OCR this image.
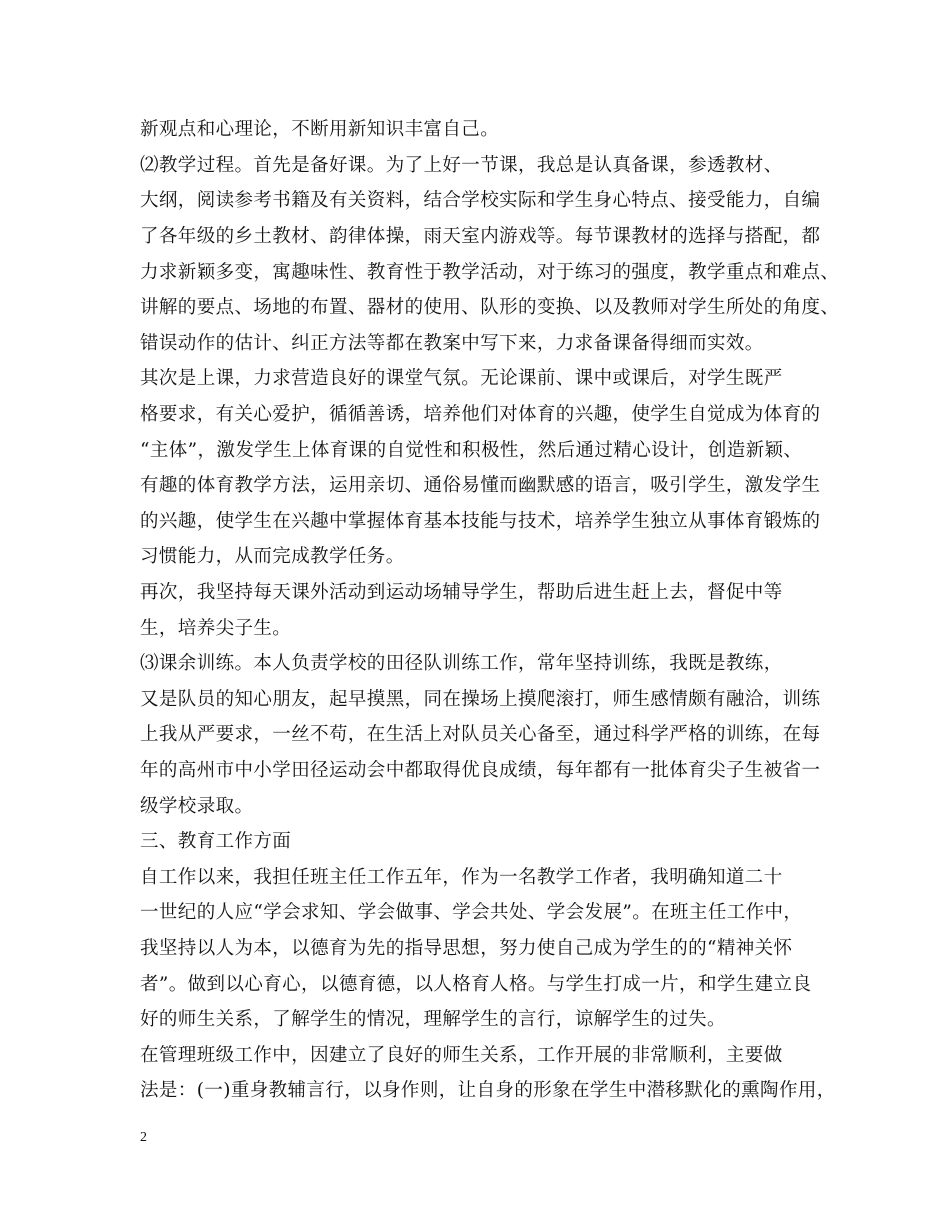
新观点和心理论，不断用新知识丰富自己。
⑵教学过程。首先是备好课。为了上好一节课，我总是认真备课，参透教材、
大纲，阅读参考书籍及有关资料，结合学校实际和学生身心特点、接受能力，自编
了各年级的乡土教材、韵律体操，雨天室内游戏等。每节课教材的选择与搭配，都
力求新颖多变，寓趣味性、教育性于教学活动，对于练习的强度，教学重点和难点、
讲解的要点、场地的布置、器材的使用、队形的变换、以及教师对学生所处的角度、
错误动作的估计、纠正方法等都在教案中写下来，力求备课备得细而实效。
其次是上课，力求营造良好的课堂气氛。无论课前、课中或课后，对学生既严
格要求，有关心爱护，循循善诱，培养他们对体育的兴趣，使学生自觉成为体育的
“主体”，激发学生上体育课的自觉性和积极性，然后通过精心设计，创造新颖、
有趣的体育教学方法，运用亲切、通俗易懂而幽默感的语言，吸引学生，激发学生
的兴趣，使学生在兴趣中掌握体育基本技能与技术，培养学生独立从事体育锻炼的
习惯能力，从而完成教学任务。
再次，我坚持每天课外活动到运动场辅导学生，帮助后进生赶上去，督促中等
生，培养尖子生。
⑶课余训练。本人负责学校的田径队训练工作，常年坚持训练，我既是教练，
又是队员的知心朋友，起早摸黑，同在操场上摸爬滚打，师生感情颇有融洽，训练
上我从严要求，一丝不苟，在生活上对队员关心备至，通过科学严格的训练，在每
年的高州市中小学田径运动会中都取得优良成绩，每年都有一批体育尖子生被省一
级学校录取。
三、教育工作方面
自工作以来，我担任班主任工作五年，作为一名教学工作者，我明确知道二十
一世纪的人应“学会求知、学会做事、学会共处、学会发展”。在班主任工作中，
我坚持以人为本，以德育为先的指导思想，努力使自己成为学生的的“精神关怀
者”。做到以心育心，以德育德，以人格育人格。与学生打成一片，和学生建立良
好的师生关系，了解学生的情况，理解学生的言行，谅解学生的过失。
在管理班级工作中，因建立了良好的师生关系，工作开展的非常顺利，主要做
法是：(一)重身教辅言行，以身作则，让自身的形象在学生中潜移默化的熏陶作用，
2
